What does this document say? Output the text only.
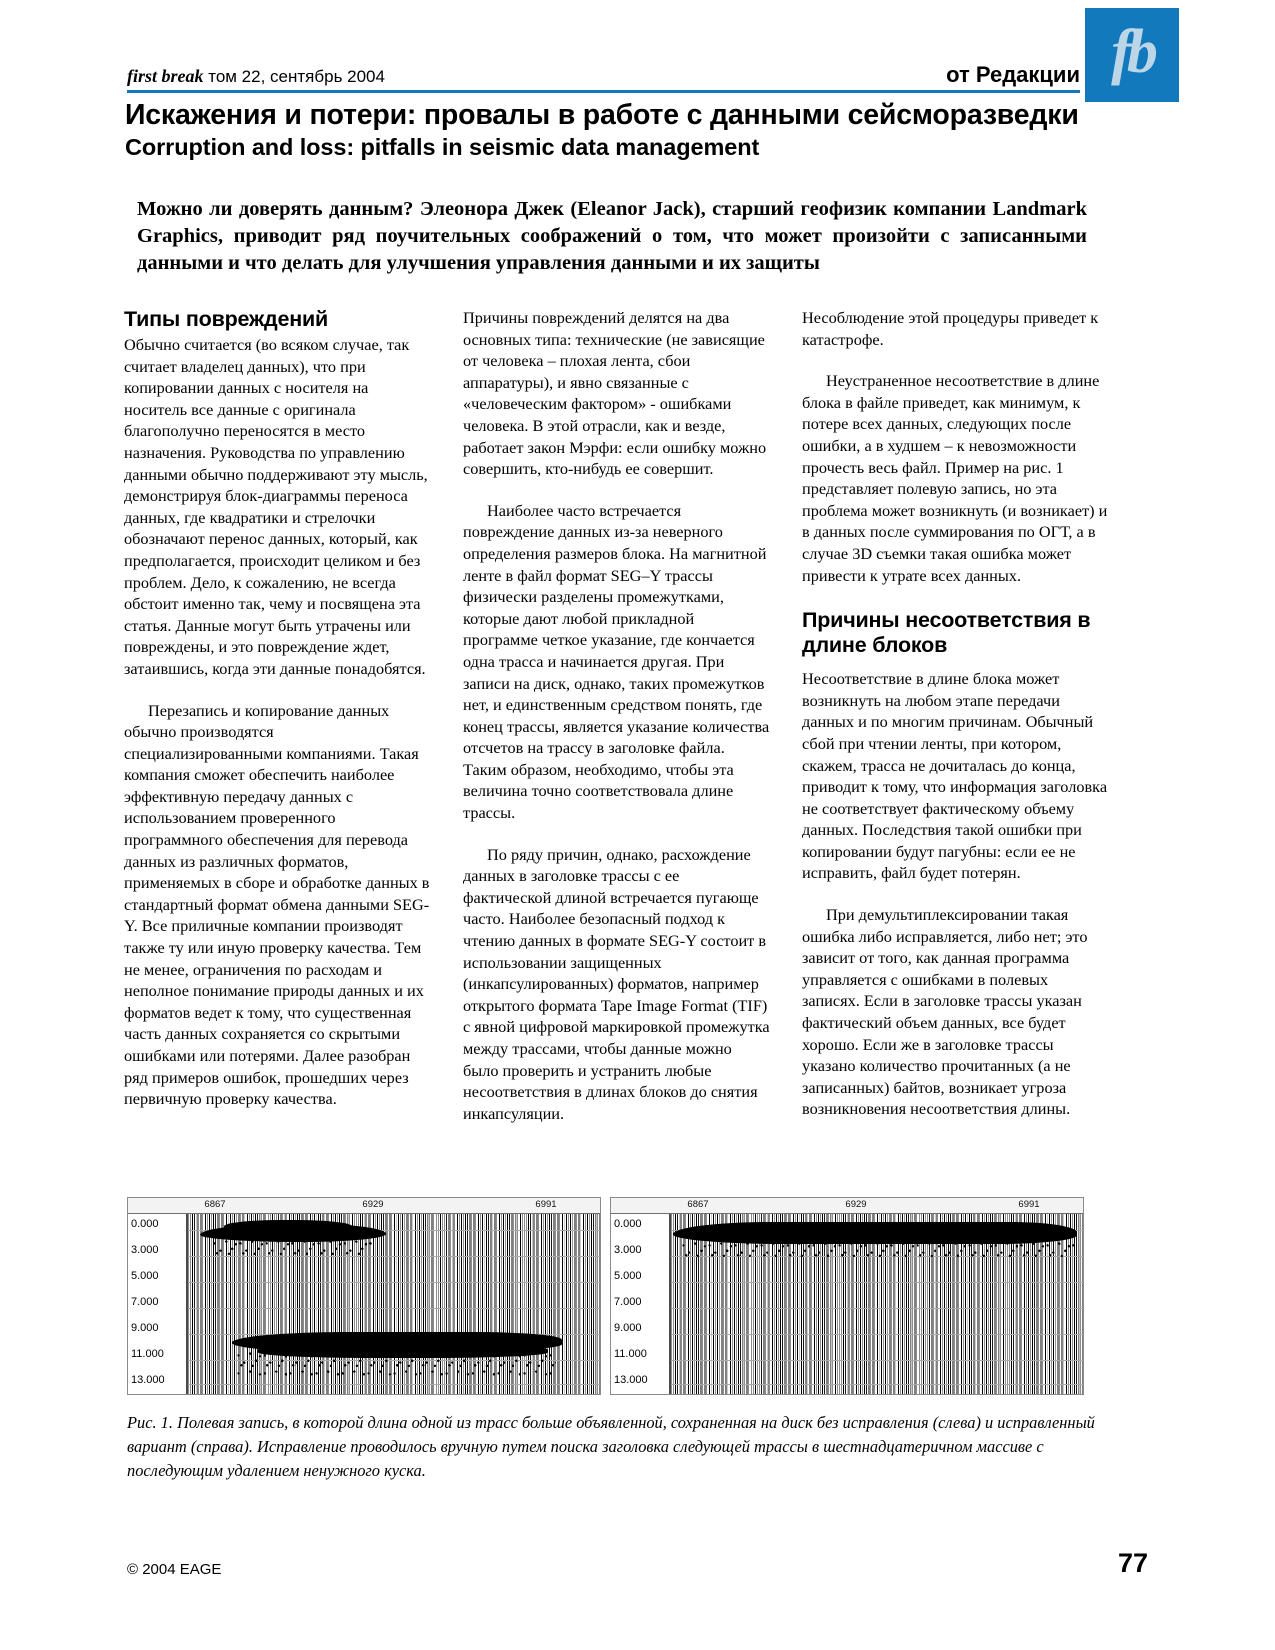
fb
first break том 22, сентябрь 2004	от Редакции
Искажения и потери: провалы в работе с данными сейсморазведки
Corruption and loss: pitfalls in seismic data management
Можно ли доверять данным? Элеонора Джек (Eleanor Jack), старший геофизик компании Landmark Graphics, приводит ряд поучительных соображений о том, что может произойти с записанными данными и что делать для улучшения управления данными и их защиты
Типы повреждений

Обычно считается (во всяком случае, так считает владелец данных), что при копировании данных с носителя на носитель все данные с оригинала благополучно переносятся в место назначения. Руководства по управлению данными обычно поддерживают эту мысль, демонстрируя блок-диаграммы переноса данных, где квадратики и стрелочки обозначают перенос данных, который, как предполагается, происходит целиком и без проблем. Дело, к сожалению, не всегда обстоит именно так, чему и посвящена эта статья. Данные могут быть утрачены или повреждены, и это повреждение ждет, затаившись, когда эти данные понадобятся.

Перезапись и копирование данных обычно производятся специализированными компаниями. Такая компания сможет обеспечить наиболее эффективную передачу данных с использованием проверенного программного обеспечения для перевода данных из различных форматов, применяемых в сборе и обработке данных в стандартный формат обмена данными SEG-Y. Все приличные компании производят также ту или иную проверку качества. Тем не менее, ограничения по расходам и неполное понимание природы данных и их форматов ведет к тому, что существенная часть данных сохраняется со скрытыми ошибками или потерями. Далее разобран ряд примеров ошибок, прошедших через первичную проверку качества.

Причины повреждений делятся на два основных типа: технические (не зависящие от человека – плохая лента, сбои аппаратуры), и явно связанные с «человеческим фактором» - ошибками человека. В этой отрасли, как и везде, работает закон Мэрфи: если ошибку можно совершить, кто-нибудь ее совершит.

Наиболее часто встречается повреждение данных из-за неверного определения размеров блока. На магнитной ленте в файл формат SEG–Y трассы физически разделены промежутками, которые дают любой прикладной программе четкое указание, где кончается одна трасса и начинается другая. При записи на диск, однако, таких промежутков нет, и единственным средством понять, где конец трассы, является указание количества отсчетов на трассу в заголовке файла. Таким образом, необходимо, чтобы эта величина точно соответствовала длине трассы.

По ряду причин, однако, расхождение данных в заголовке трассы с ее фактической длиной встречается пугающе часто. Наиболее безопасный подход к чтению данных в формате SEG-Y состоит в использовании защищенных (инкапсулированных) форматов, например открытого формата Tape Image Format (TIF) с явной цифровой маркировкой промежутка между трассами, чтобы данные можно было проверить и устранить любые несоответствия в длинах блоков до снятия инкапсуляции.

Несоблюдение этой процедуры приведет к катастрофе.

Неустраненное несоответствие в длине блока в файле приведет, как минимум, к потере всех данных, следующих после ошибки, а в худшем – к невозможности прочесть весь файл. Пример на рис. 1 представляет полевую запись, но эта проблема может возникнуть (и возникает) и в данных после суммирования по ОГТ, а в случае 3D съемки такая ошибка может привести к утрате всех данных.

Причины несоответствия в длине блоков

Несоответствие в длине блока может возникнуть на любом этапе передачи данных и по многим причинам. Обычный сбой при чтении ленты, при котором, скажем, трасса не дочиталась до конца, приводит к тому, что информация заголовка не соответствует фактическому объему данных. Последствия такой ошибки при копировании будут пагубны: если ее не исправить, файл будет потерян.

При демультиплексировании такая ошибка либо исправляется, либо нет; это зависит от того, как данная программа управляется с ошибками в полевых записях. Если в заголовке трассы указан фактический объем данных, все будет хорошо. Если же в заголовке трассы указано количество прочитанных (а не записанных) байтов, возникает угроза возникновения несоответствия длины.

6867	6929	6991
0.000
3.000
5.000
7.000
9.000
11.000
13.000
6867	6929	6991
0.000
3.000
5.000
7.000
9.000
11.000
13.000
Рис. 1. Полевая запись, в которой длина одной из трасс больше объявленной, сохраненная на диск без исправления (слева) и исправленный вариант (справа). Исправление проводилось вручную путем поиска заголовка следующей трассы в шестнадцатеричном массиве с последующим удалением ненужного куска.
© 2004 EAGE	77
